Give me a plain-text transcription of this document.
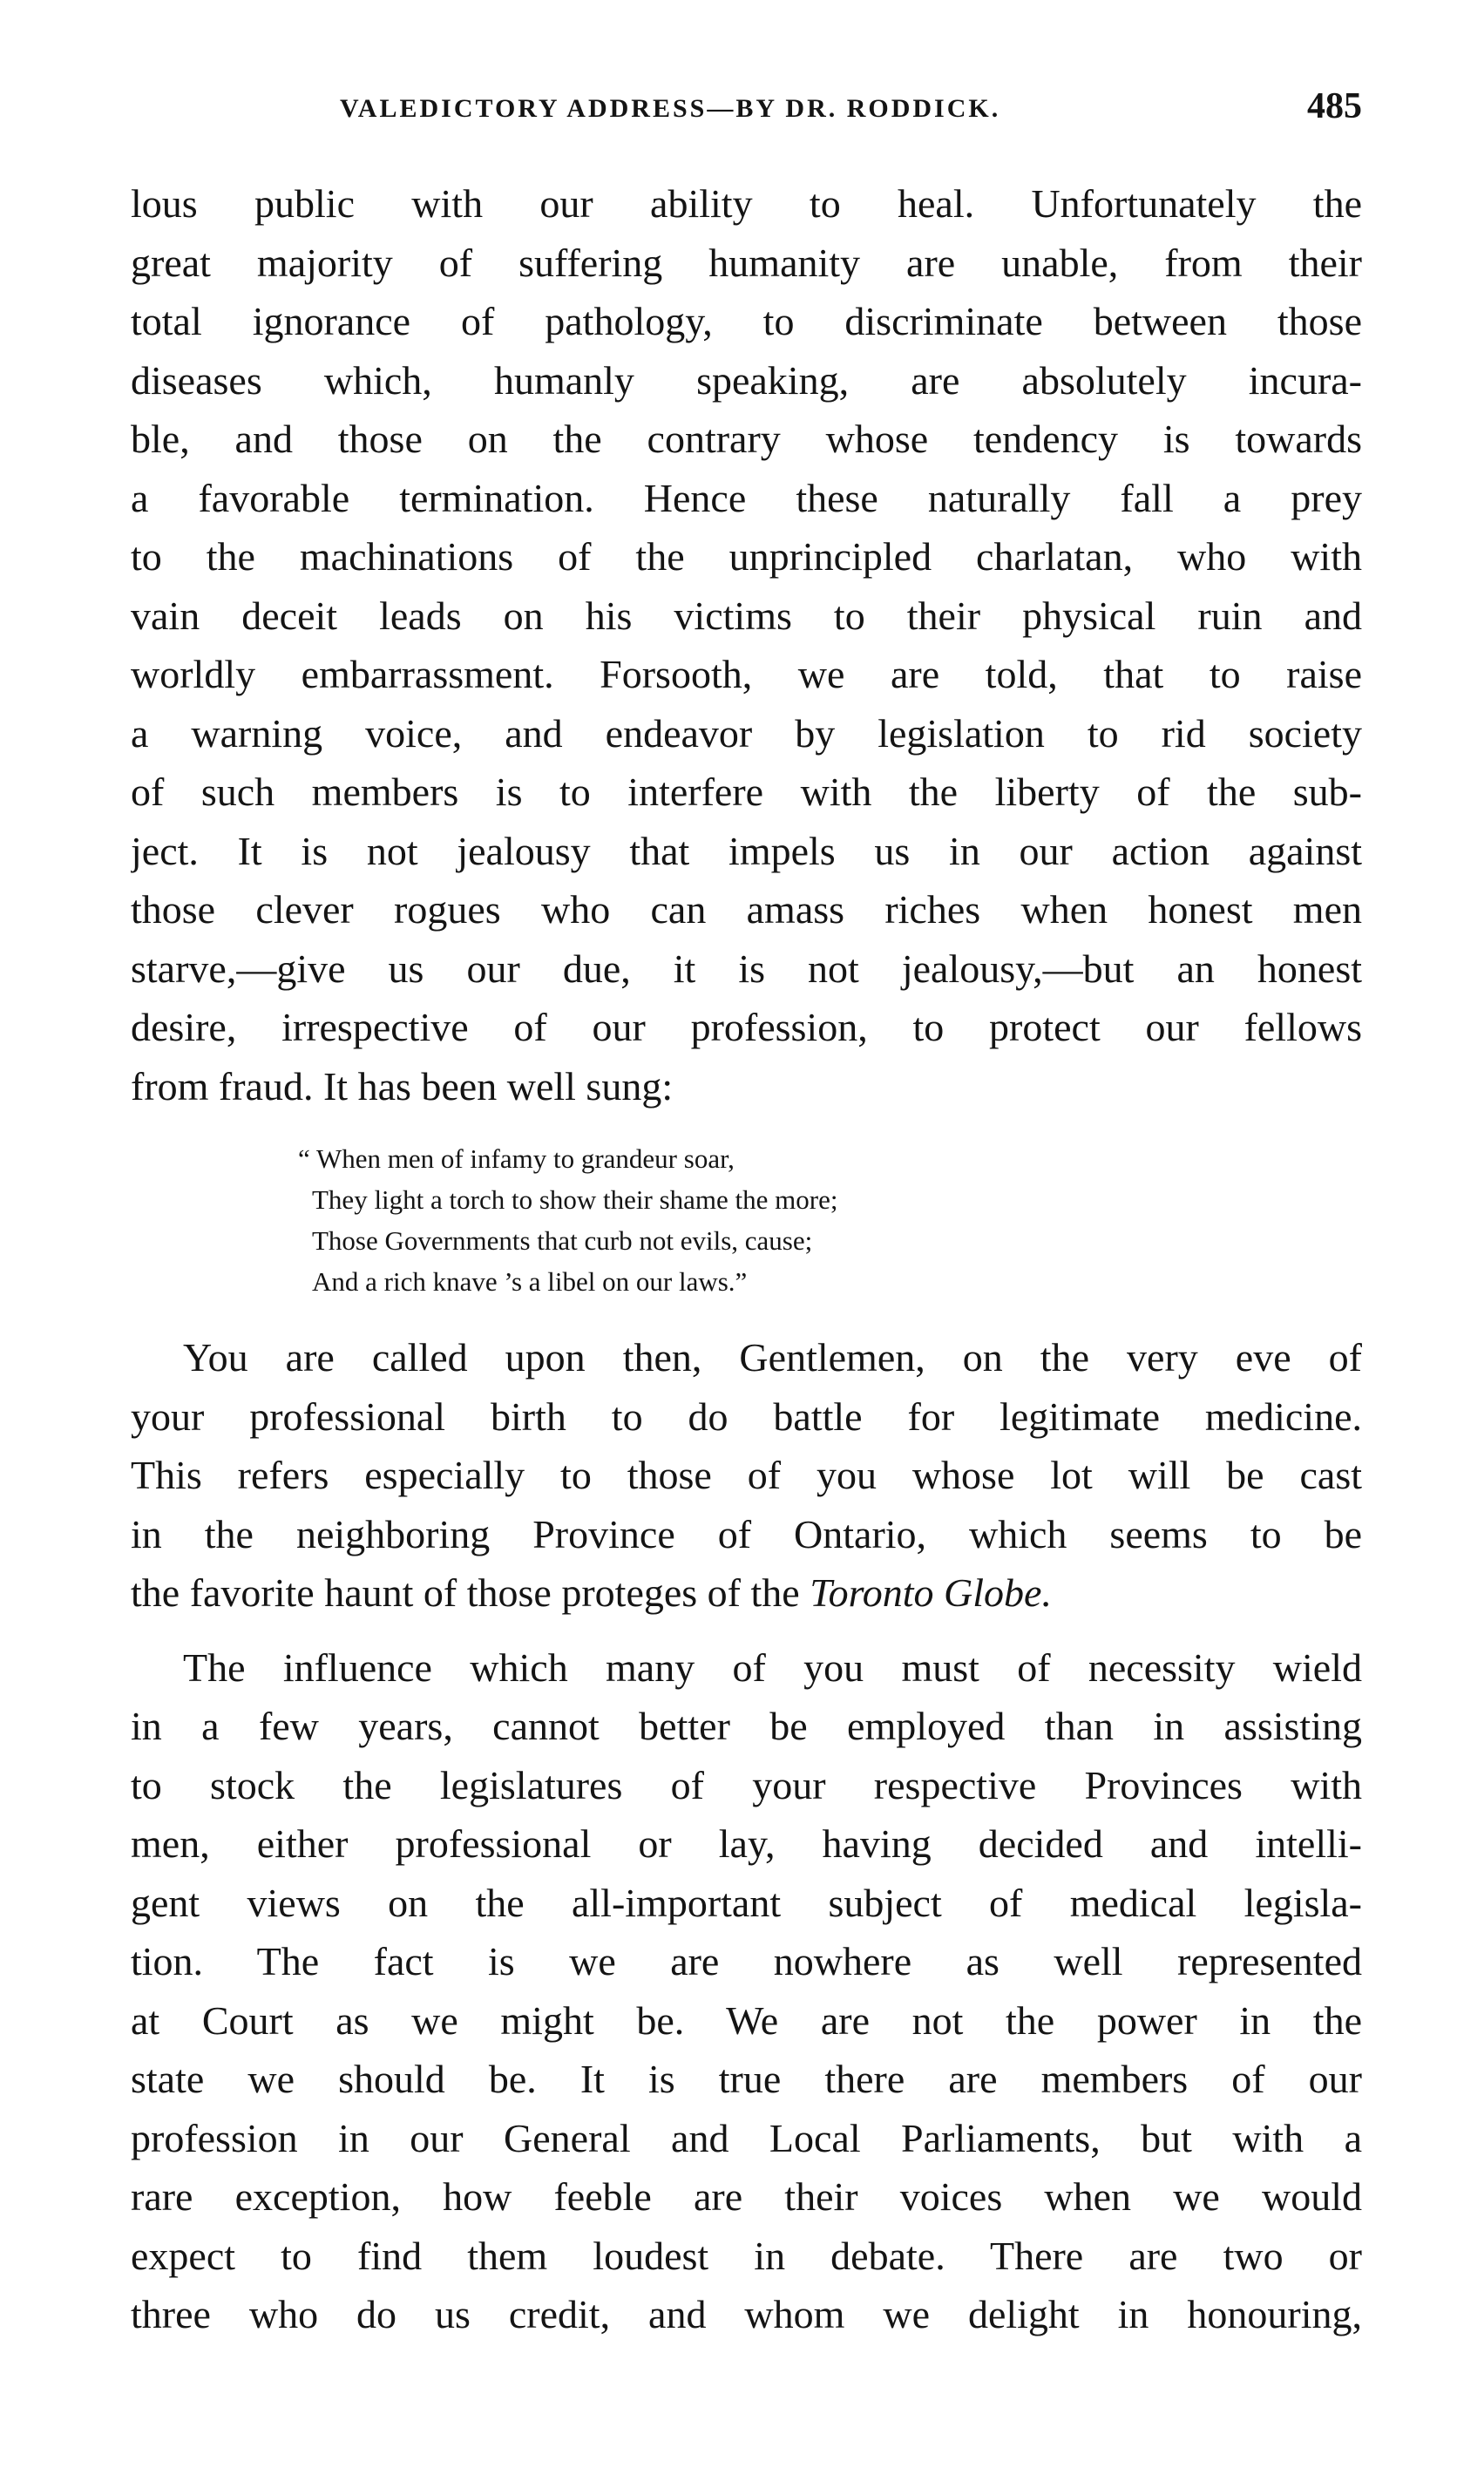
VALEDICTORY ADDRESS—BY DR. RODDICK.	485
lous public with our ability to heal. Unfortunately the
great majority of suffering humanity are unable, from their
total ignorance of pathology, to discriminate between those
diseases which, humanly speaking, are absolutely incura-
ble, and those on the contrary whose tendency is towards
a favorable termination. Hence these naturally fall a prey
to the machinations of the unprincipled charlatan, who with
vain deceit leads on his victims to their physical ruin and
worldly embarrassment. Forsooth, we are told, that to raise
a warning voice, and endeavor by legislation to rid society
of such members is to interfere with the liberty of the sub-
ject. It is not jealousy that impels us in our action against
those clever rogues who can amass riches when honest men
starve,—give us our due, it is not jealousy,—but an honest
desire, irrespective of our profession, to protect our fellows
from fraud. It has been well sung:
“ When men of infamy to grandeur soar,
They light a torch to show their shame the more;
Those Governments that curb not evils, cause;
And a rich knave ’s a libel on our laws.”
You are called upon then, Gentlemen, on the very eve of
your professional birth to do battle for legitimate medicine.
This refers especially to those of you whose lot will be cast
in the neighboring Province of Ontario, which seems to be
the favorite haunt of those proteges of the Toronto Globe.
The influence which many of you must of necessity wield
in a few years, cannot better be employed than in assisting
to stock the legislatures of your respective Provinces with
men, either professional or lay, having decided and intelli-
gent views on the all-important subject of medical legisla-
tion. The fact is we are nowhere as well represented
at Court as we might be. We are not the power in the
state we should be. It is true there are members of our
profession in our General and Local Parliaments, but with a
rare exception, how feeble are their voices when we would
expect to find them loudest in debate. There are two or
three who do us credit, and whom we delight in honouring,
